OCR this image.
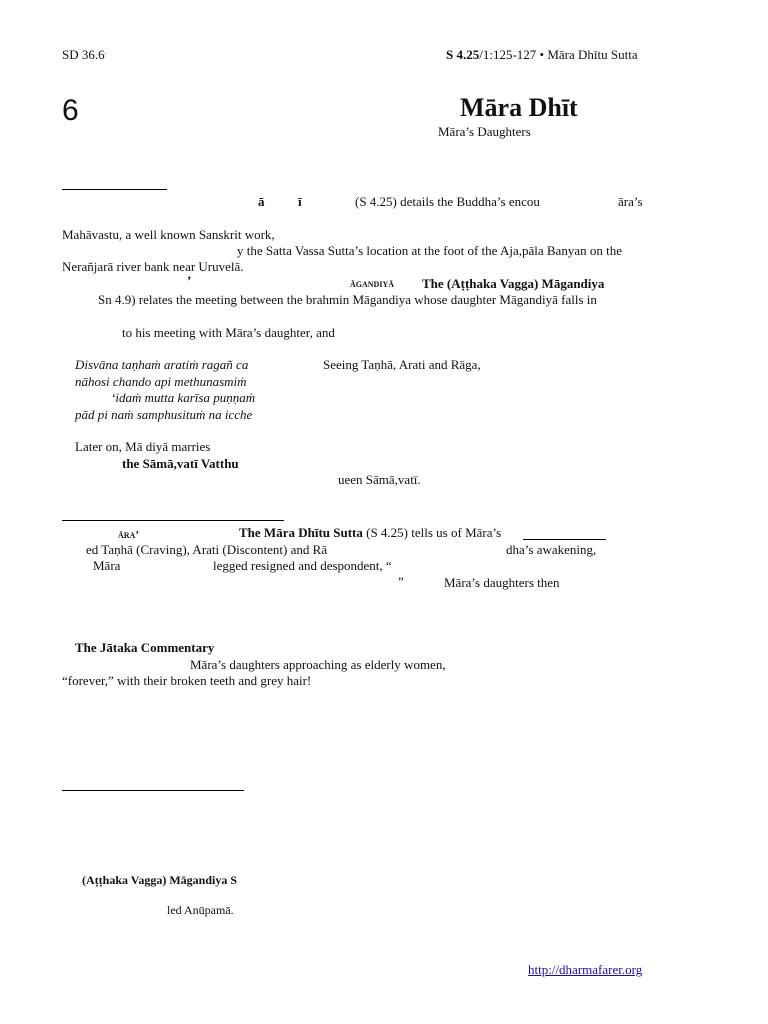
SD $36.6^ˑ$	S 4.25/1:125-127 • Māra Dhītu Sutta
6	Māra Dhīt
Māra’s Daughters
ā	ī	(S 4.25) details the Buddha’s encou	āra’s
Mahāvastu, a well known Sanskrit work,
y the Satta Vassa Sutta’s location at the foot of the Aja,pāla Banyan on the
Nerañjarā river bank near Uruvelā.
’	āgandiyā The (Aṭṭhaka Vagga) Māgandiya
Sn 4.9) relates the meeting between the brahmin Māgandiya whose daughter Māgandiyā falls in
to his meeting with Māra’s daughter, and
Disvāna taṇhaṁ aratiṁ ragañ ca
nāhosi chando api methunasmiṁ
‘idaṁ mutta karīsa puṇṇaṁ
pād pi naṁ samphusituṁ na icche
Seeing Taṇhā, Arati and Rāga,
Later on, Mā diyā marries
the Sāmā,vatī Vatthu
ueen Sāmā,vatī.
āra’	The Māra Dhītu Sutta (S 4.25) tells us of Māra’s
ed Taṇhā (Craving), Arati (Discontent) and Rā	dha’s awakening,
Māra	legged resigned and despondent, “
”	Māra’s daughters then
The Jātaka Commentary
Māra’s daughters approaching as elderly women,
“forever,” with their broken teeth and grey hair!
(Aṭṭhaka Vagga) Māgandiya S
led Anūpamā.
http://dharmafarer.org
